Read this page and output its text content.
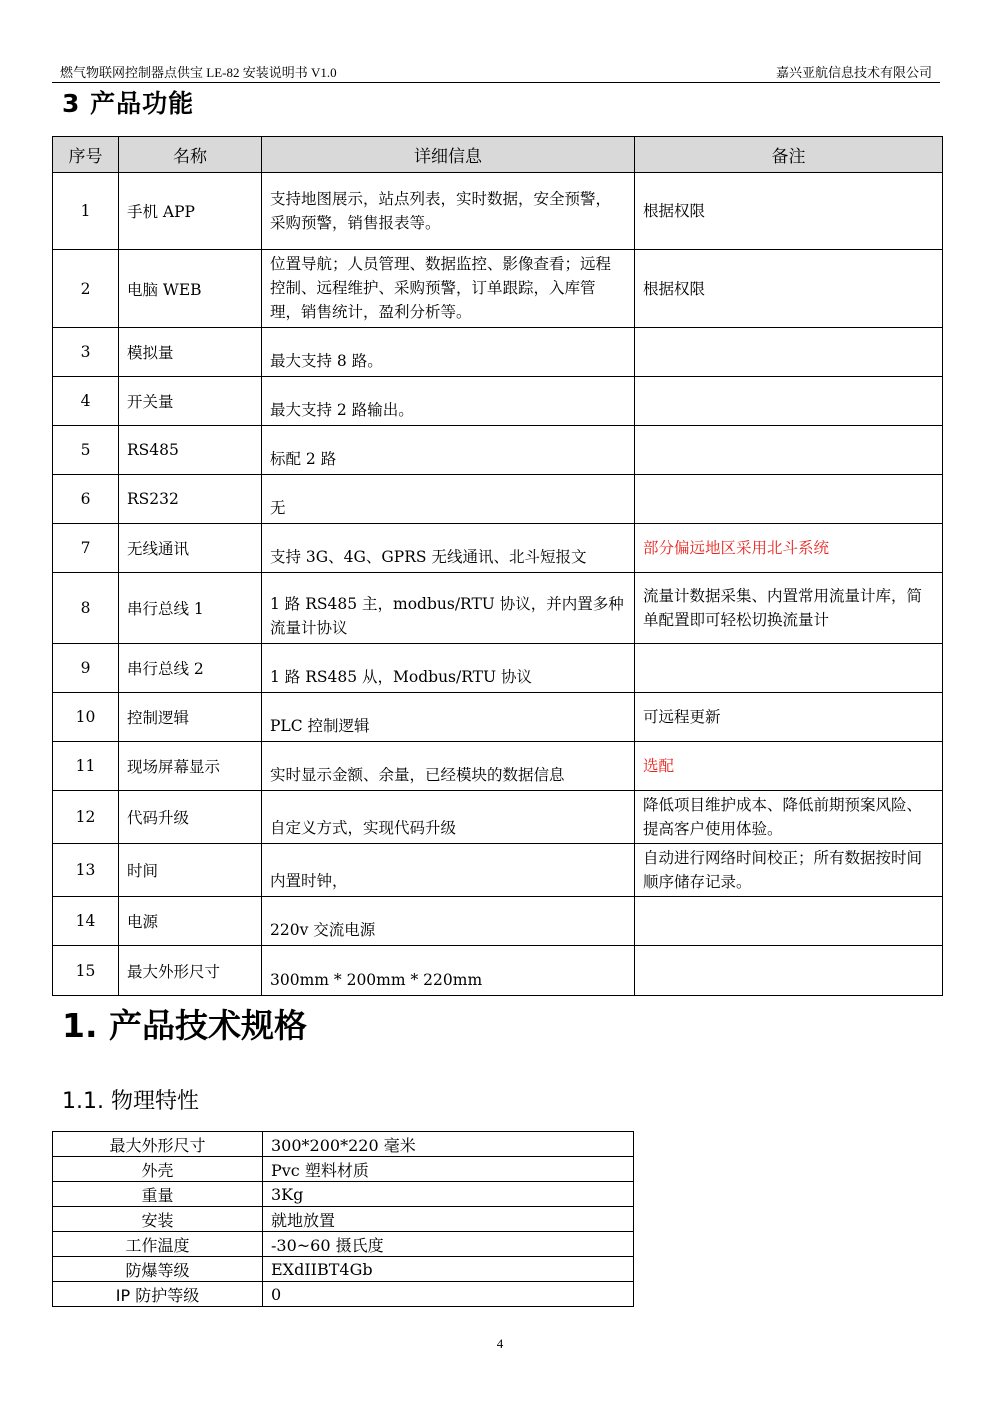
燃气物联网控制器点供宝 LE-82 安装说明书 V1.0	嘉兴亚航信息技术有限公司
3 产品功能
序号	名称	详细信息	备注
1	手机 APP	支持地图展示，站点列表，实时数据，安全预警，采购预警，销售报表等。	根据权限
2	电脑 WEB	位置导航；人员管理、数据监控、影像查看；远程控制、远程维护、采购预警，订单跟踪，入库管理，销售统计，盈利分析等。	根据权限
3	模拟量	最大支持 8 路。	
4	开关量	最大支持 2 路输出。	
5	RS485	标配 2 路	
6	RS232	无	
7	无线通讯	支持 3G、4G、GPRS 无线通讯、北斗短报文	部分偏远地区采用北斗系统
8	串行总线 1	1 路 RS485 主，modbus/RTU 协议，并内置多种流量计协议	流量计数据采集、内置常用流量计库，简单配置即可轻松切换流量计
9	串行总线 2	1 路 RS485 从，Modbus/RTU 协议	
10	控制逻辑	PLC 控制逻辑	可远程更新
11	现场屏幕显示	实时显示金额、余量，已经模块的数据信息	选配
12	代码升级	自定义方式，实现代码升级	降低项目维护成本、降低前期预案风险、提高客户使用体验。
13	时间	内置时钟，	自动进行网络时间校正；所有数据按时间顺序储存记录。
14	电源	220v 交流电源	
15	最大外形尺寸	300mm * 200mm * 220mm	
1. 产品技术规格
1.1. 物理特性
最大外形尺寸	300*200*220 毫米
外壳	Pvc 塑料材质
重量	3Kg
安装	就地放置
工作温度	-30~60 摄氏度
防爆等级	EXdIIBT4Gb
IP 防护等级	0
4
